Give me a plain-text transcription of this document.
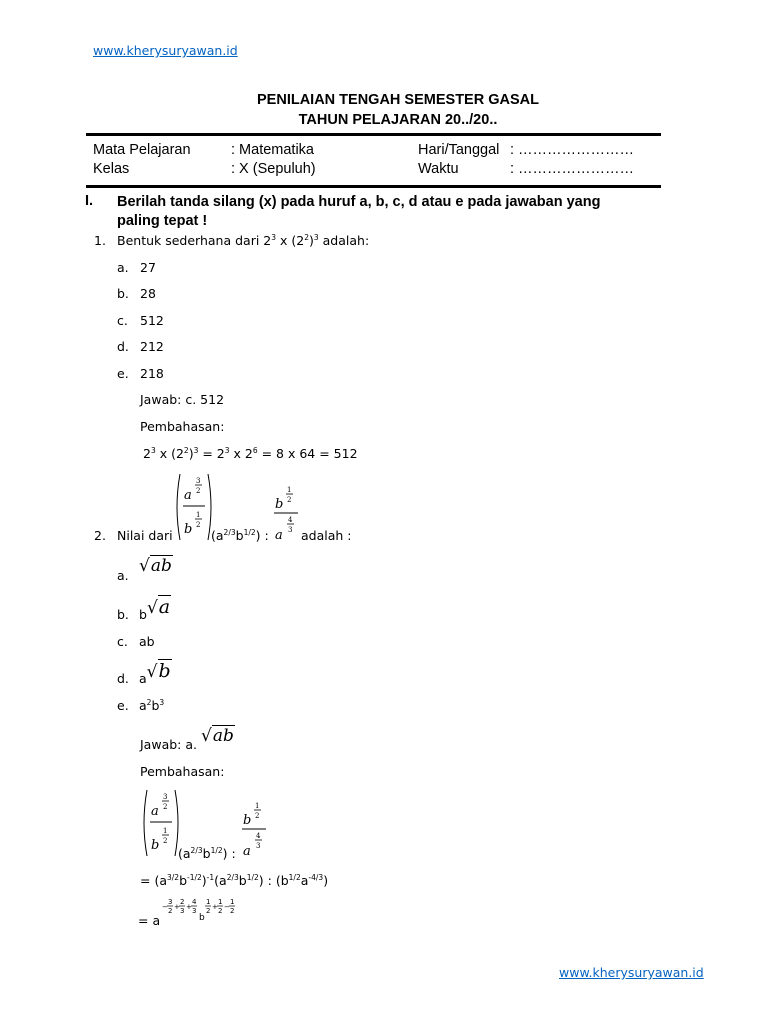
www.kherysuryawan.id
PENILAIAN TENGAH SEMESTER GASAL
TAHUN PELAJARAN 20../20..
Mata Pelajaran	: Matematika	Hari/Tanggal : ……………………
Kelas	: X (Sepuluh)	Waktu	: ……………………
I. Berilah tanda silang (x) pada huruf a, b, c, d atau e pada jawaban yang paling tepat !
1. Bentuk sederhana dari $2^3$ x $(2^2)^3$ adalah:
a. 27
b. 28
c. 512
d. 212
e. 218
Jawab: c. 512
Pembahasan:
$2^3$ x $(2^2)^3 = 2^3$ x $2^6 = 8$ x 64 = 512
a
3
2
b
1
2
b
1
2
a
4
3
2. Nilai dari	$(a^{2/3}b^{1/2})$ :	adalah :
a. √ab
b. b√a
c. ab
d. a√b
e. $a^2b^3$
Jawab: a. √ab
Pembahasan:
a
3
2
b
1
2
b
1
2
a
4
3
$(a^{2/3}b^{1/2})$ :
= $(a^{3/2}b^{-1/2})^{-1}(a^{2/3}b^{1/2})$ : $(b^{1/2}a^{-4/3})$
= a
−
3
2 +
2
3 +
4
3
b
1
2 +
1
2 −
1
2
www.kherysuryawan.id
